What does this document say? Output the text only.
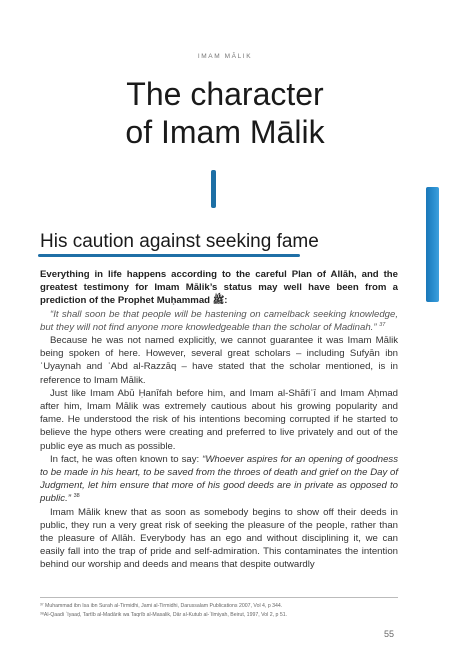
IMAM MĀLIK
The character
of Imam Mālik
His caution against seeking fame

Everything in life happens according to the careful Plan of Allāh, and the greatest testimony for Imam Mālik’s status may well have been from a prediction of the Prophet Muḥammad ﷺ:

“It shall soon be that people will be hastening on camelback seeking knowledge, but they will not find anyone more knowledgeable than the scholar of Madinah.” $^{37}$

Because he was not named explicitly, we cannot guarantee it was Imam Mālik being spoken of here. However, several great scholars – including Sufyān ibn ʿUyaynah and ʿAbd al-Razzāq – have stated that the scholar mentioned, is in reference to Imam Mālik.

Just like Imam Abū Ḥanīfah before him, and Imam al-Shāfiʿī and Imam Aḥmad after him, Imam Mālik was extremely cautious about his growing popularity and fame. He understood the risk of his intentions becoming corrupted if he started to believe the hype others were creating and preferred to live privately and out of the public eye as much as possible.

In fact, he was often known to say: “Whoever aspires for an opening of goodness to be made in his heart, to be saved from the throes of death and grief on the Day of Judgment, let him ensure that more of his good deeds are in private as opposed to public.” $^{38}$

Imam Mālik knew that as soon as somebody begins to show off their deeds in public, they run a very great risk of seeking the pleasure of the people, rather than the pleasure of Allāh. Everybody has an ego and without disciplining it, we can easily fall into the trap of pride and self-admiration. This contaminates the intention behind our worship and deeds and means that despite outwardly

³⁷ Muhammad ibn Isa ibn Surah al-Tirmidhi, Jami al-Tirmidhi, Darussalam Publications 2007, Vol 4, p 344.

³⁸Al-Qaadi ʿIyaaḍ, Tartīb al-Madārik wa Taqrīb al-Masalik, Dār al-Kutub al-ʿIlmiyah, Beirut, 1997, Vol 2, p 51.

55
